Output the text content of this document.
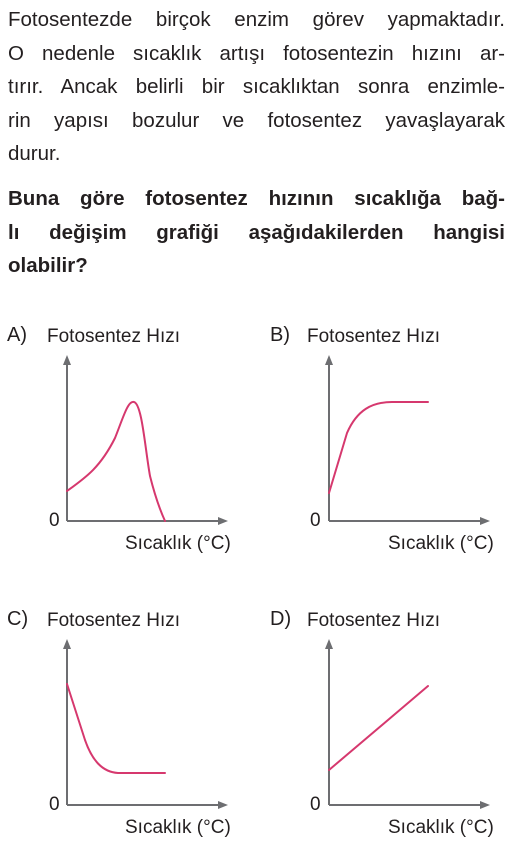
Fotosentezde birçok enzim görev yapmaktadır.
O nedenle sıcaklık artışı fotosentezin hızını ar-
tırır. Ancak belirli bir sıcaklıktan sonra enzimle-
rin yapısı bozulur ve fotosentez yavaşlayarak
durur.

Buna göre fotosentez hızının sıcaklığa bağ-
lı değişim grafiği aşağıdakilerden hangisi
olabilir?

A) Fotosentez Hızı
0
Sıcaklık (°C)
B) Fotosentez Hızı
0
Sıcaklık (°C)
C) Fotosentez Hızı
0
Sıcaklık (°C)
D) Fotosentez Hızı
0
Sıcaklık (°C)
